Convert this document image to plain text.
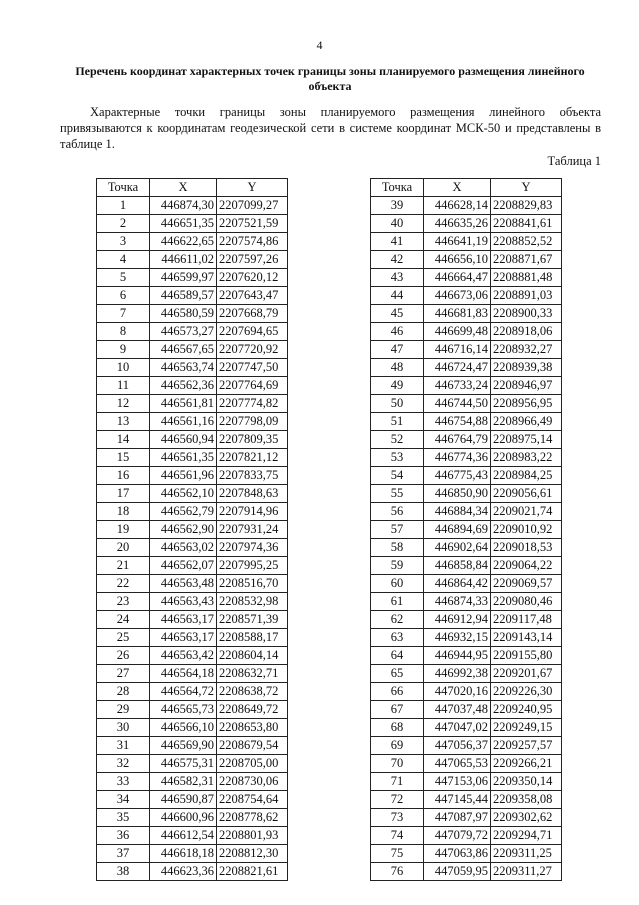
4
Перечень координат характерных точек границы зоны планируемого размещения линейного объекта
Характерные точки границы зоны планируемого размещения линейного объекта привязываются к координатам геодезической сети в системе координат МСК-50 и представлены в таблице 1.
Таблица 1
Точка	X	Y
1	446874,30	2207099,27
2	446651,35	2207521,59
3	446622,65	2207574,86
4	446611,02	2207597,26
5	446599,97	2207620,12
6	446589,57	2207643,47
7	446580,59	2207668,79
8	446573,27	2207694,65
9	446567,65	2207720,92
10	446563,74	2207747,50
11	446562,36	2207764,69
12	446561,81	2207774,82
13	446561,16	2207798,09
14	446560,94	2207809,35
15	446561,35	2207821,12
16	446561,96	2207833,75
17	446562,10	2207848,63
18	446562,79	2207914,96
19	446562,90	2207931,24
20	446563,02	2207974,36
21	446562,07	2207995,25
22	446563,48	2208516,70
23	446563,43	2208532,98
24	446563,17	2208571,39
25	446563,17	2208588,17
26	446563,42	2208604,14
27	446564,18	2208632,71
28	446564,72	2208638,72
29	446565,73	2208649,72
30	446566,10	2208653,80
31	446569,90	2208679,54
32	446575,31	2208705,00
33	446582,31	2208730,06
34	446590,87	2208754,64
35	446600,96	2208778,62
36	446612,54	2208801,93
37	446618,18	2208812,30
38	446623,36	2208821,61
Точка	X	Y
39	446628,14	2208829,83
40	446635,26	2208841,61
41	446641,19	2208852,52
42	446656,10	2208871,67
43	446664,47	2208881,48
44	446673,06	2208891,03
45	446681,83	2208900,33
46	446699,48	2208918,06
47	446716,14	2208932,27
48	446724,47	2208939,38
49	446733,24	2208946,97
50	446744,50	2208956,95
51	446754,88	2208966,49
52	446764,79	2208975,14
53	446774,36	2208983,22
54	446775,43	2208984,25
55	446850,90	2209056,61
56	446884,34	2209021,74
57	446894,69	2209010,92
58	446902,64	2209018,53
59	446858,84	2209064,22
60	446864,42	2209069,57
61	446874,33	2209080,46
62	446912,94	2209117,48
63	446932,15	2209143,14
64	446944,95	2209155,80
65	446992,38	2209201,67
66	447020,16	2209226,30
67	447037,48	2209240,95
68	447047,02	2209249,15
69	447056,37	2209257,57
70	447065,53	2209266,21
71	447153,06	2209350,14
72	447145,44	2209358,08
73	447087,97	2209302,62
74	447079,72	2209294,71
75	447063,86	2209311,25
76	447059,95	2209311,27
